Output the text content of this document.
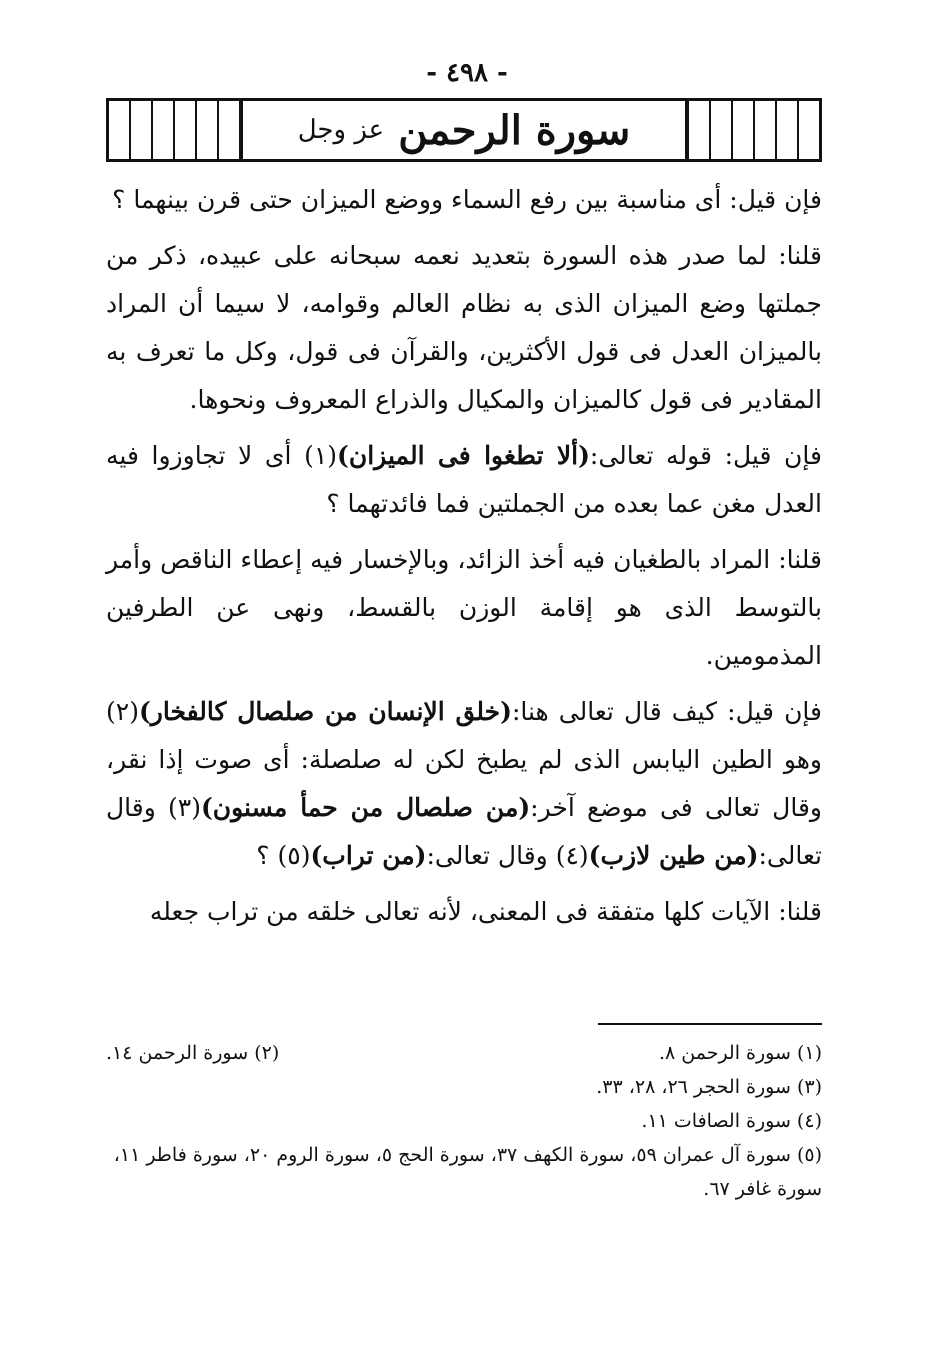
- ٤٩٨ -
سورة الرحمن
عز وجل

فإن قيل: أى مناسبة بين رفع السماء ووضع الميزان حتى قرن بينهما ؟

قلنا: لما صدر هذه السورة بتعديد نعمه سبحانه على عبيده، ذكر من جملتها وضع الميزان الذى به نظام العالم وقوامه، لا سيما أن المراد بالميزان العدل فى قول الأكثرين، والقرآن فى قول، وكل ما تعرف به المقادير فى قول كالميزان والمكيال والذراع المعروف ونحوها.

فإن قيل: قوله تعالى:(ألا تطغوا فى الميزان)(١) أى لا تجاوزوا فيه العدل مغن عما بعده من الجملتين فما فائدتهما ؟

قلنا: المراد بالطغيان فيه أخذ الزائد، وبالإخسار فيه إعطاء الناقص وأمر بالتوسط الذى هو إقامة الوزن بالقسط، ونهى عن الطرفين المذمومين.

فإن قيل: كيف قال تعالى هنا:(خلق الإنسان من صلصال كالفخار)(٢) وهو الطين اليابس الذى لم يطبخ لكن له صلصلة: أى صوت إذا نقر، وقال تعالى فى موضع آخر:(من صلصال من حمأ مسنون)(٣) وقال تعالى:(من طين لازب)(٤) وقال تعالى:(من تراب)(٥) ؟

قلنا: الآيات كلها متفقة فى المعنى، لأنه تعالى خلقه من تراب جعله

(١) سورة الرحمن ٨.
(٢) سورة الرحمن ١٤.
(٣) سورة الحجر ٢٦، ٢٨، ٣٣.
(٤) سورة الصافات ١١.
(٥) سورة آل عمران ٥٩، سورة الكهف ٣٧، سورة الحج ٥، سورة الروم ٢٠، سورة فاطر ١١، سورة غافر ٦٧.
